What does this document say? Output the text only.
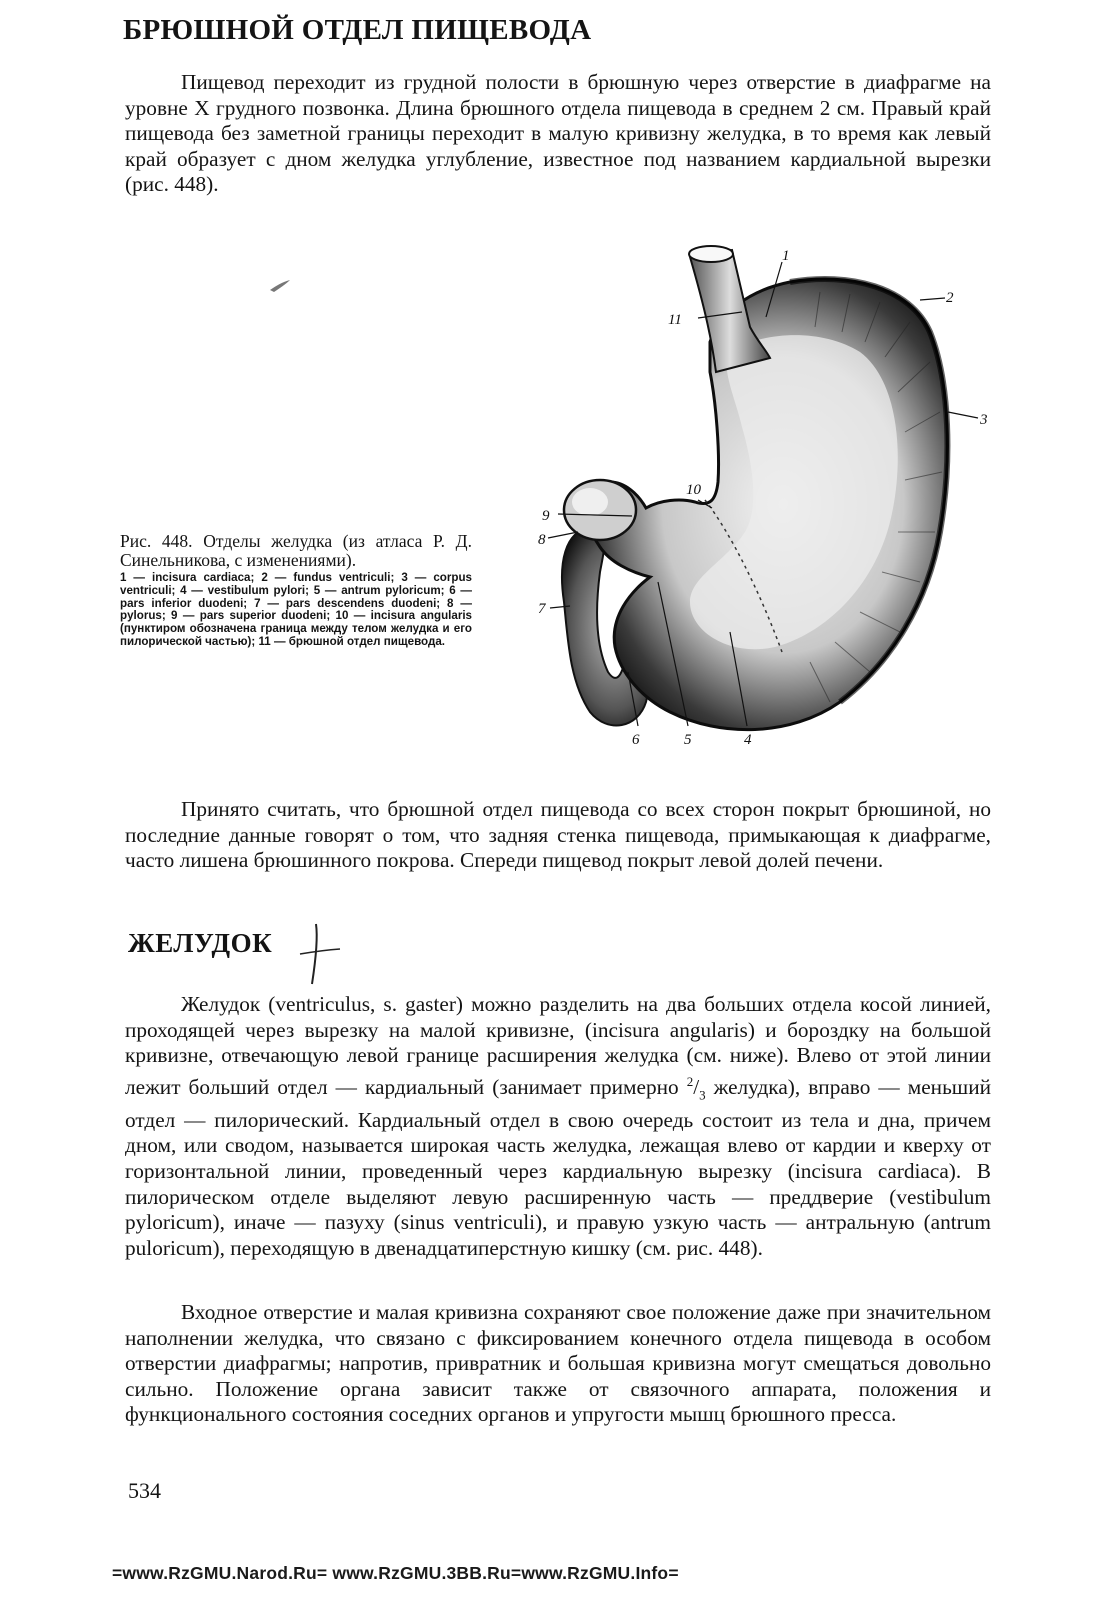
БРЮШНОЙ ОТДЕЛ ПИЩЕВОДА

Пищевод переходит из грудной полости в брюшную через отверстие в диафрагме на уровне X грудного позвонка. Длина брюшного отдела пищевода в среднем 2 см. Правый край пищевода без заметной границы переходит в малую кривизну желудка, в то время как левый край образует с дном желудка углубление, известное под названием кардиальной вырезки (рис. 448).

Рис. 448. Отделы желудка (из атласа Р. Д. Синельникова, с изменениями).
1 — incisura cardiaca; 2 — fundus ventriculi; 3 — corpus ventriculi; 4 — vestibulum pylori; 5 — antrum pyloricum; 6 — pars inferior duodeni; 7 — pars descendens duodeni; 8 — pylorus; 9 — pars superior duodeni; 10 — incisura angularis (пунктиром обозначена граница между телом желудка и его пилорической частью); 11 — брюшной отдел пищевода.
1
2
3
4
5
6
7
8
9
10
11

Принято считать, что брюшной отдел пищевода со всех сторон покрыт брюшиной, но последние данные говорят о том, что задняя стенка пищевода, примыкающая к диафрагме, часто лишена брюшинного покрова. Спереди пищевод покрыт левой долей печени.

ЖЕЛУДОК

Желудок (ventriculus, s. gaster) можно разделить на два больших отдела косой линией, проходящей через вырезку на малой кривизне, (incisura angularis) и бороздку на большой кривизне, отвечающую левой границе расширения желудка (см. ниже). Влево от этой линии лежит больший отдел — кардиальный (занимает примерно $^2/_3$ желудка), вправо — меньший отдел — пилорический. Кардиальный отдел в свою очередь состоит из тела и дна, причем дном, или сводом, называется широкая часть желудка, лежащая влево от кардии и кверху от горизонтальной линии, проведенный через кардиальную вырезку (incisura cardiaca). В пилорическом отделе выделяют левую расширенную часть — преддверие (vestibulum pyloricum), иначе — пазуху (sinus ventriculi), и правую узкую часть — антральную (antrum puloricum), переходящую в двенадцатиперстную кишку (см. рис. 448).

Входное отверстие и малая кривизна сохраняют свое положение даже при значительном наполнении желудка, что связано с фиксированием конечного отдела пищевода в особом отверстии диафрагмы; напротив, привратник и большая кривизна могут смещаться довольно сильно. Положение органа зависит также от связочного аппарата, положения и функционального состояния соседних органов и упругости мышц брюшного пресса.

534
=www.RzGMU.Narod.Ru= www.RzGMU.3BB.Ru=www.RzGMU.Info=
